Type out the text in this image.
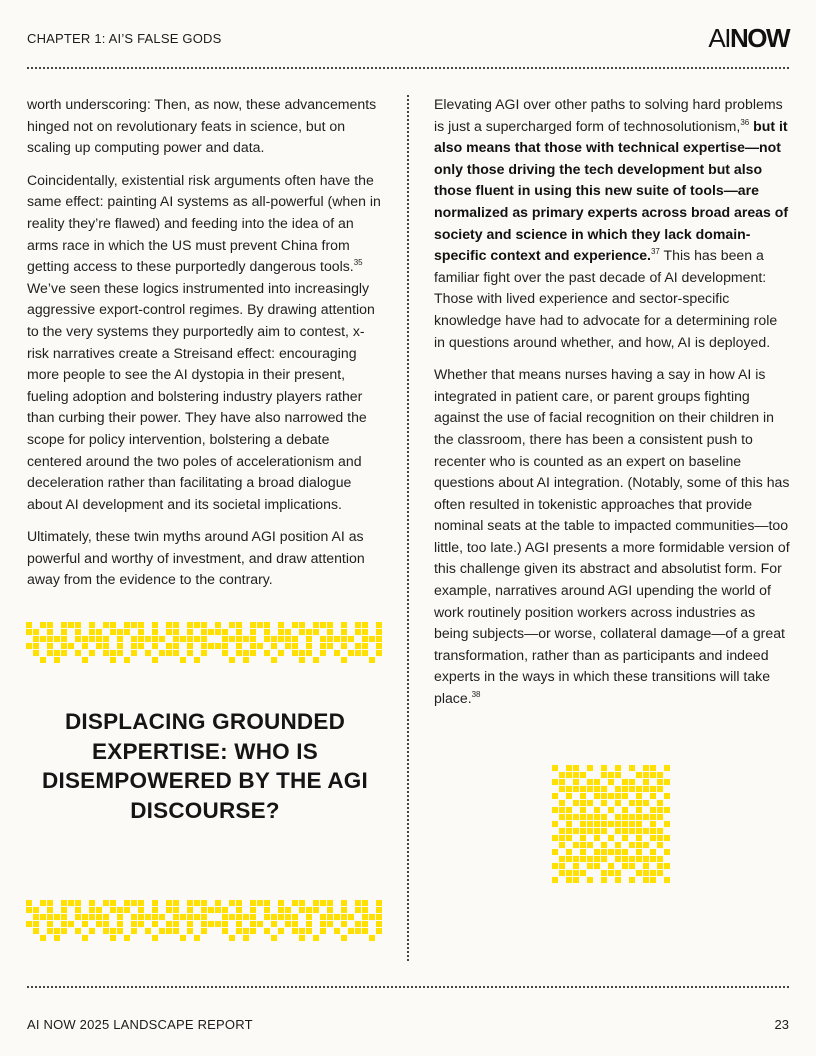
CHAPTER 1: AI’S FALSE GODS	AINOW

worth underscoring: Then, as now, these advancements hinged not on revolutionary feats in science, but on scaling up computing power and data.

Coincidentally, existential risk arguments often have the same effect: painting AI systems as all-powerful (when in reality they’re flawed) and feeding into the idea of an arms race in which the US must prevent China from getting access to these purportedly dangerous tools.$^{35}$ We’ve seen these logics instrumented into increasingly aggressive export-control regimes. By drawing attention to the very systems they purportedly aim to contest, x-risk narratives create a Streisand effect: encouraging more people to see the AI dystopia in their present, fueling adoption and bolstering industry players rather than curbing their power. They have also narrowed the scope for policy intervention, bolstering a debate centered around the two poles of accelerationism and deceleration rather than facilitating a broad dialogue about AI development and its societal implications.

Ultimately, these twin myths around AGI position AI as powerful and worthy of investment, and draw attention away from the evidence to the contrary.

DISPLACING GROUNDED EXPERTISE: WHO IS DISEMPOWERED BY THE AGI DISCOURSE?

Elevating AGI over other paths to solving hard problems is just a supercharged form of technosolutionism,$^{36}$ but it also means that those with technical expertise—not only those driving the tech development but also those fluent in using this new suite of tools—are normalized as primary experts across broad areas of society and science in which they lack domain-specific context and experience.$^{37}$ This has been a familiar fight over the past decade of AI development: Those with lived experience and sector-specific knowledge have had to advocate for a determining role in questions around whether, and how, AI is deployed.

Whether that means nurses having a say in how AI is integrated in patient care, or parent groups fighting against the use of facial recognition on their children in the classroom, there has been a consistent push to recenter who is counted as an expert on baseline questions about AI integration. (Notably, some of this has often resulted in tokenistic approaches that provide nominal seats at the table to impacted communities—too little, too late.) AGI presents a more formidable version of this challenge given its abstract and absolutist form. For example, narratives around AGI upending the world of work routinely position workers across industries as being subjects—or worse, collateral damage—of a great transformation, rather than as participants and indeed experts in the ways in which these transitions will take place.$^{38}$

AI NOW 2025 LANDSCAPE REPORT	23
